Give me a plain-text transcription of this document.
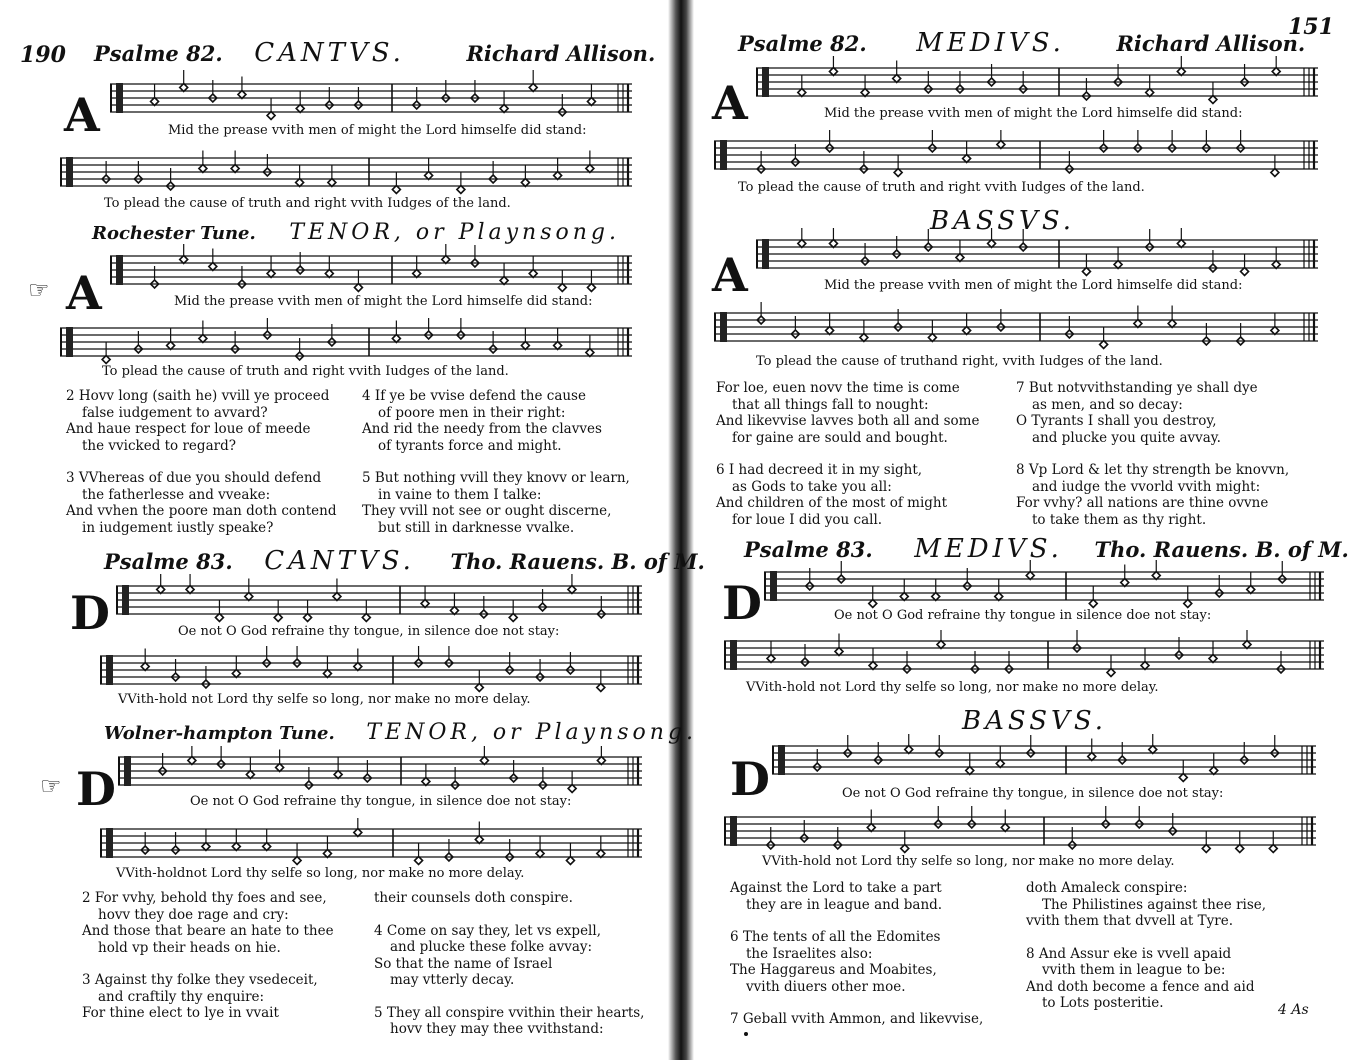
190 Psalme 82. CANTVS.	Richard Allison.
A	Mid the prease vvith men of might the Lord himselfe did stand:
To plead the cause of truth and right vvith Iudges of the land.
Rochester Tune. TENOR, or Playnsong.
☞ A	Mid the prease vvith men of might the Lord himselfe did stand:
To plead the cause of truth and right vvith Iudges of the land.
2 Hovv long (saith he) vvill ye proceed
false iudgement to avvard?
And haue respect for loue of meede
the vvicked to regard?
3 VVhereas of due you should defend
the fatherlesse and vveake:
And vvhen the poore man doth contend
in iudgement iustly speake?
4 If ye be vvise defend the cause
of poore men in their right:
And rid the needy from the clavves
of tyrants force and might.
5 But nothing vvill they knovv or learn,
in vaine to them I talke:
They vvill not see or ought discerne,
but still in darknesse vvalke.
Psalme 83. CANTVS. Tho. Rauens. B. of M.
D	Oe not O God refraine thy tongue, in silence doe not stay:
VVith-hold not Lord thy selfe so long, nor make no more delay.
Wolner-hampton Tune. TENOR, or Playnsong.
☞ D	Oe not O God refraine thy tongue, in silence doe not stay:
VVith-holdnot Lord thy selfe so long, nor make no more delay.
2 For vvhy, behold thy foes and see,
hovv they doe rage and cry:
And those that beare an hate to thee
hold vp their heads on hie.
3 Against thy folke they vsedeceit,
and craftily thy enquire:
For thine elect to lye in vvait
their counsels doth conspire.
4 Come on say they, let vs expell,
and plucke these folke avvay:
So that the name of Israel
may vtterly decay.
5 They all conspire vvithin their hearts,
hovv they may thee vvithstand:
151
Psalme 82. MEDIVS. Richard Allison.
A	Mid the prease vvith men of might the Lord himselfe did stand:
To plead the cause of truth and right vvith Iudges of the land.
BASSVS.
A	Mid the prease vvith men of might the Lord himselfe did stand:
To plead the cause of truthand right, vvith Iudges of the land.
For loe, euen novv the time is come
that all things fall to nought:
And likevvise lavves both all and some
for gaine are sould and bought.
6 I had decreed it in my sight,
as Gods to take you all:
And children of the most of might
for loue I did you call.
7 But notvvithstanding ye shall dye
as men, and so decay:
O Tyrants I shall you destroy,
and plucke you quite avvay.
8 Vp Lord & let thy strength be knovvn,
and iudge the vvorld vvith might:
For vvhy? all nations are thine ovvne
to take them as thy right.
Psalme 83. MEDIVS. Tho. Rauens. B. of M.
D	Oe not O God refraine thy tongue in silence doe not stay:
VVith-hold not Lord thy selfe so long, nor make no more delay.
BASSVS.
D	Oe not O God refraine thy tongue, in silence doe not stay:
VVith-hold not Lord thy selfe so long, nor make no more delay.
Against the Lord to take a part
they are in league and band.
6 The tents of all the Edomites
the Israelites also:
The Haggareus and Moabites,
vvith diuers other moe.
7 Geball vvith Ammon, and likevvise,
doth Amaleck conspire:
The Philistines against thee rise,
vvith them that dvvell at Tyre.
8 And Assur eke is vvell apaid
vvith them in league to be:
And doth become a fence and aid
to Lots posteritie.	4 As
